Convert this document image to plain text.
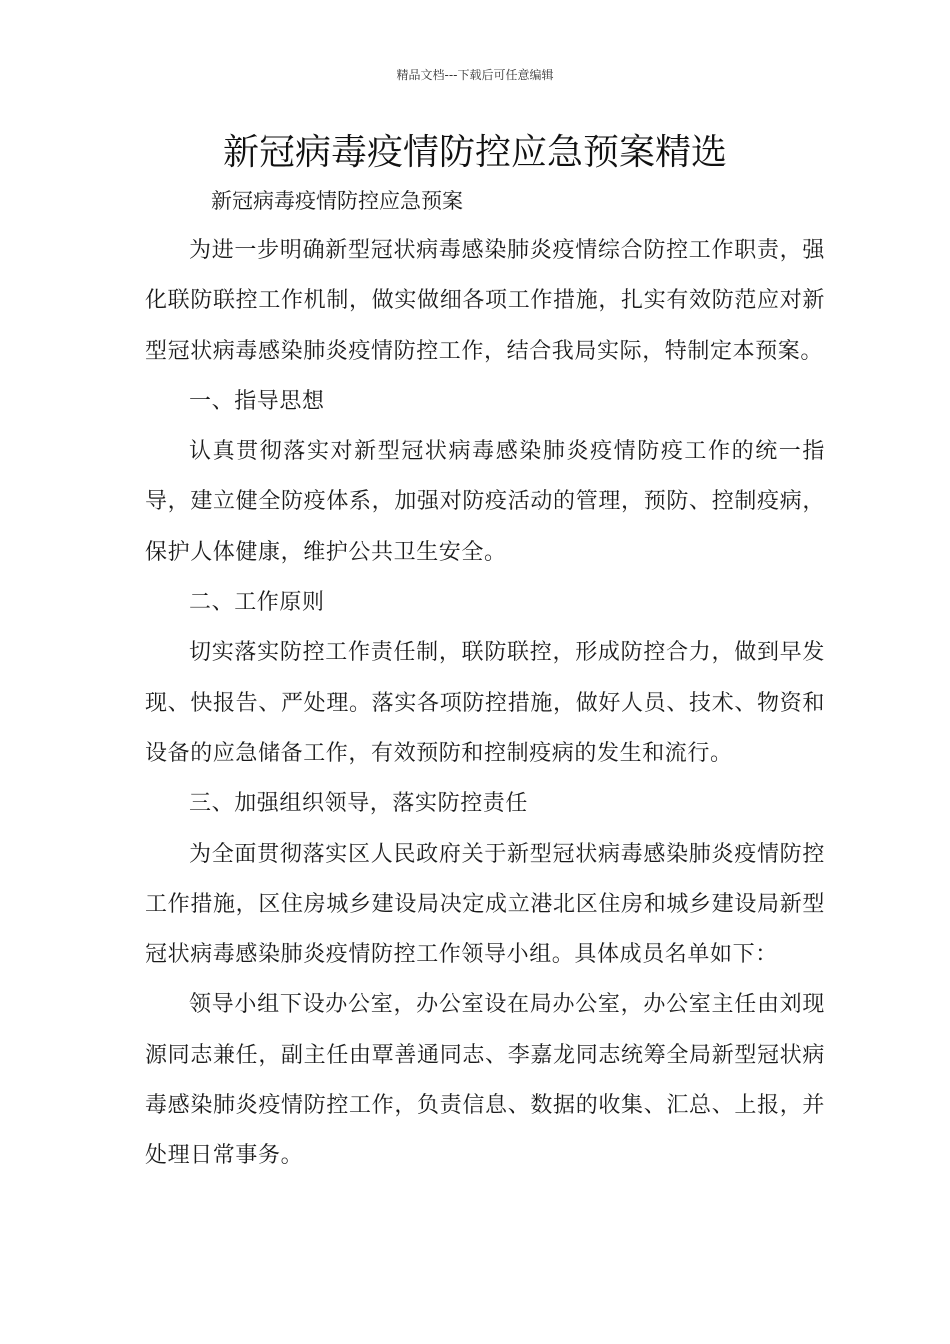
精品文档---下载后可任意编辑
新冠病毒疫情防控应急预案精选
新冠病毒疫情防控应急预案

为进一步明确新型冠状病毒感染肺炎疫情综合防控工作职责，强化联防联控工作机制，做实做细各项工作措施，扎实有效防范应对新型冠状病毒感染肺炎疫情防控工作，结合我局实际，特制定本预案。

一、指导思想

认真贯彻落实对新型冠状病毒感染肺炎疫情防疫工作的统一指导，建立健全防疫体系，加强对防疫活动的管理，预防、控制疫病，保护人体健康，维护公共卫生安全。

二、工作原则

切实落实防控工作责任制，联防联控，形成防控合力，做到早发现、快报告、严处理。落实各项防控措施，做好人员、技术、物资和设备的应急储备工作，有效预防和控制疫病的发生和流行。

三、加强组织领导，落实防控责任

为全面贯彻落实区人民政府关于新型冠状病毒感染肺炎疫情防控工作措施，区住房城乡建设局决定成立港北区住房和城乡建设局新型冠状病毒感染肺炎疫情防控工作领导小组。具体成员名单如下：

领导小组下设办公室，办公室设在局办公室，办公室主任由刘现源同志兼任，副主任由覃善通同志、李嘉龙同志统筹全局新型冠状病毒感染肺炎疫情防控工作，负责信息、数据的收集、汇总、上报，并处理日常事务。
